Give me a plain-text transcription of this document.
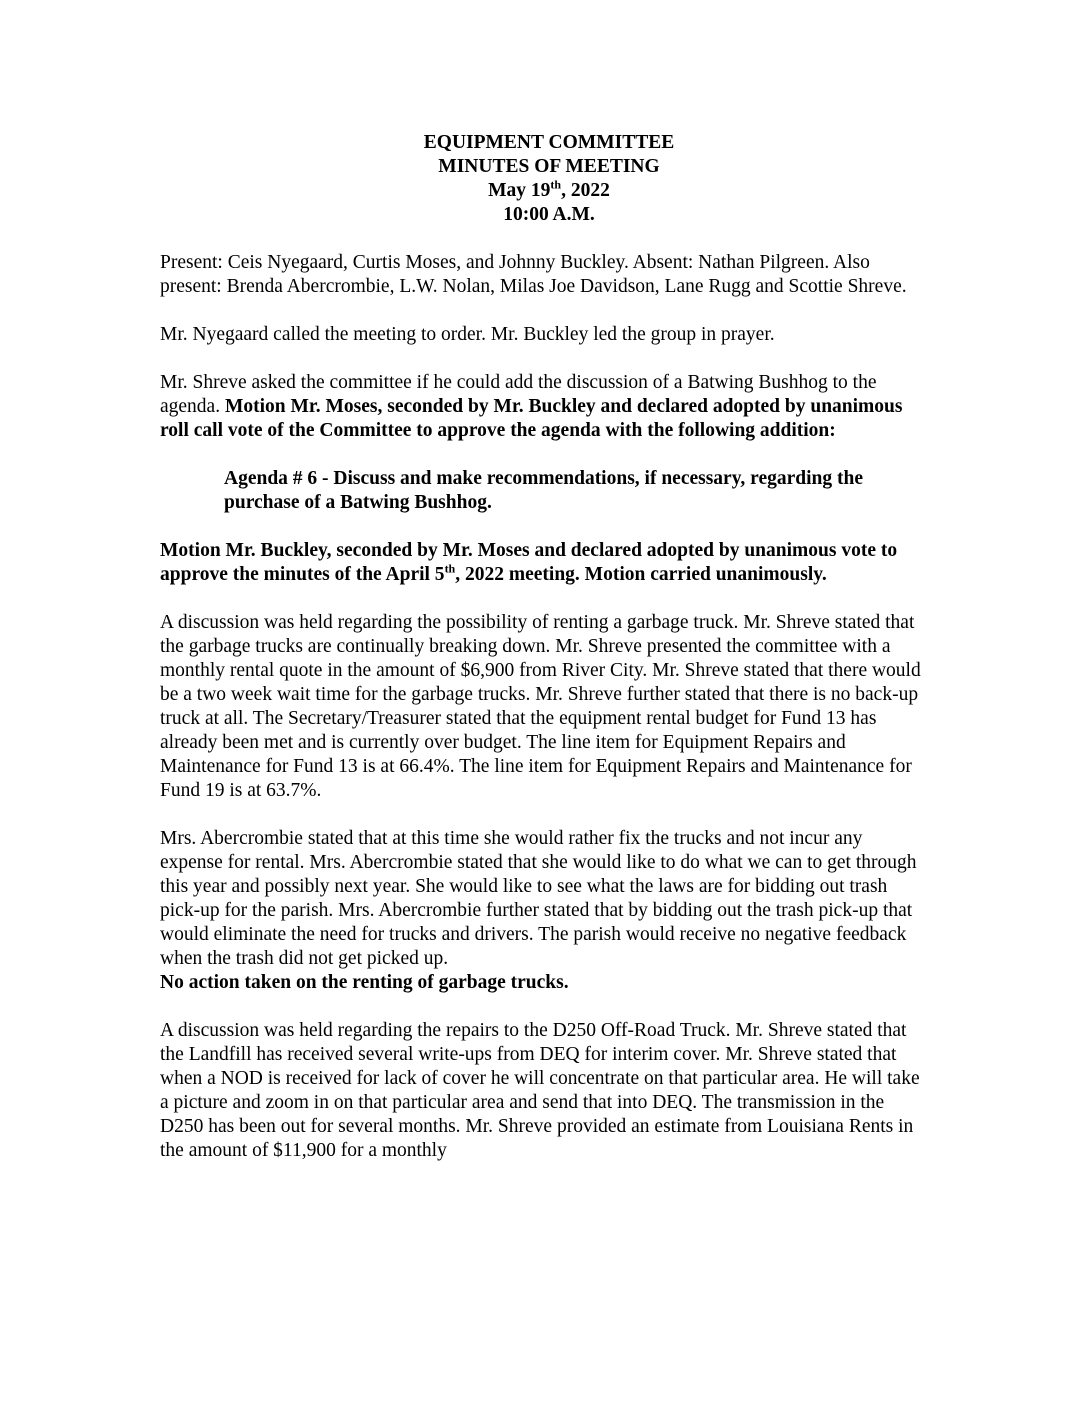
EQUIPMENT COMMITTEE
MINUTES OF MEETING
May 19th, 2022
10:00 A.M.

Present: Ceis Nyegaard, Curtis Moses, and Johnny Buckley. Absent: Nathan Pilgreen. Also present: Brenda Abercrombie, L.W. Nolan, Milas Joe Davidson, Lane Rugg and Scottie Shreve.

Mr. Nyegaard called the meeting to order. Mr. Buckley led the group in prayer.

Mr. Shreve asked the committee if he could add the discussion of a Batwing Bushhog to the agenda. Motion Mr. Moses, seconded by Mr. Buckley and declared adopted by unanimous roll call vote of the Committee to approve the agenda with the following addition:

Agenda # 6 - Discuss and make recommendations, if necessary, regarding the purchase of a Batwing Bushhog.

Motion Mr. Buckley, seconded by Mr. Moses and declared adopted by unanimous vote to approve the minutes of the April 5th, 2022 meeting. Motion carried unanimously.

A discussion was held regarding the possibility of renting a garbage truck. Mr. Shreve stated that the garbage trucks are continually breaking down. Mr. Shreve presented the committee with a monthly rental quote in the amount of $6,900 from River City. Mr. Shreve stated that there would be a two week wait time for the garbage trucks. Mr. Shreve further stated that there is no back-up truck at all. The Secretary/Treasurer stated that the equipment rental budget for Fund 13 has already been met and is currently over budget. The line item for Equipment Repairs and Maintenance for Fund 13 is at 66.4%. The line item for Equipment Repairs and Maintenance for Fund 19 is at 63.7%.

Mrs. Abercrombie stated that at this time she would rather fix the trucks and not incur any expense for rental. Mrs. Abercrombie stated that she would like to do what we can to get through this year and possibly next year. She would like to see what the laws are for bidding out trash pick-up for the parish. Mrs. Abercrombie further stated that by bidding out the trash pick-up that would eliminate the need for trucks and drivers. The parish would receive no negative feedback when the trash did not get picked up.
No action taken on the renting of garbage trucks.

A discussion was held regarding the repairs to the D250 Off-Road Truck. Mr. Shreve stated that the Landfill has received several write-ups from DEQ for interim cover. Mr. Shreve stated that when a NOD is received for lack of cover he will concentrate on that particular area. He will take a picture and zoom in on that particular area and send that into DEQ. The transmission in the D250 has been out for several months. Mr. Shreve provided an estimate from Louisiana Rents in the amount of $11,900 for a monthly
